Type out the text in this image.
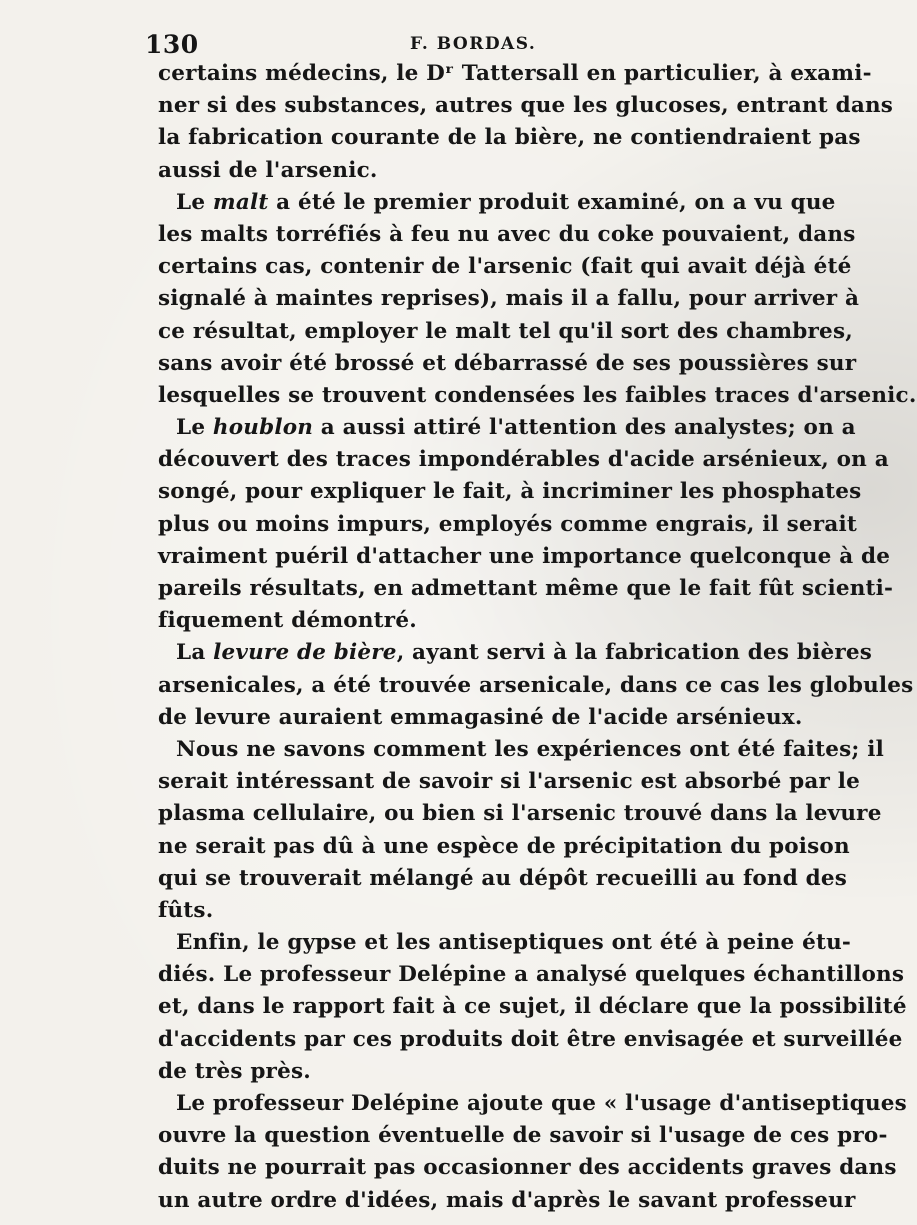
130	F. BORDAS.
certains médecins, le Dʳ Tattersall en particulier, à exami-
ner si des substances, autres que les glucoses, entrant dans
la fabrication courante de la bière, ne contiendraient pas
aussi de l'arsenic.
Le malt a été le premier produit examiné, on a vu que
les malts torréfiés à feu nu avec du coke pouvaient, dans
certains cas, contenir de l'arsenic (fait qui avait déjà été
signalé à maintes reprises), mais il a fallu, pour arriver à
ce résultat, employer le malt tel qu'il sort des chambres,
sans avoir été brossé et débarrassé de ses poussières sur
lesquelles se trouvent condensées les faibles traces d'arsenic.
Le houblon a aussi attiré l'attention des analystes; on a
découvert des traces impondérables d'acide arsénieux, on a
songé, pour expliquer le fait, à incriminer les phosphates
plus ou moins impurs, employés comme engrais, il serait
vraiment puéril d'attacher une importance quelconque à de
pareils résultats, en admettant même que le fait fût scienti-
fiquement démontré.
La levure de bière, ayant servi à la fabrication des bières
arsenicales, a été trouvée arsenicale, dans ce cas les globules
de levure auraient emmagasiné de l'acide arsénieux.
Nous ne savons comment les expériences ont été faites; il
serait intéressant de savoir si l'arsenic est absorbé par le
plasma cellulaire, ou bien si l'arsenic trouvé dans la levure
ne serait pas dû à une espèce de précipitation du poison
qui se trouverait mélangé au dépôt recueilli au fond des
fûts.
Enfin, le gypse et les antiseptiques ont été à peine étu-
diés. Le professeur Delépine a analysé quelques échantillons
et, dans le rapport fait à ce sujet, il déclare que la possibilité
d'accidents par ces produits doit être envisagée et surveillée
de très près.
Le professeur Delépine ajoute que « l'usage d'antiseptiques
ouvre la question éventuelle de savoir si l'usage de ces pro-
duits ne pourrait pas occasionner des accidents graves dans
un autre ordre d'idées, mais d'après le savant professeur
